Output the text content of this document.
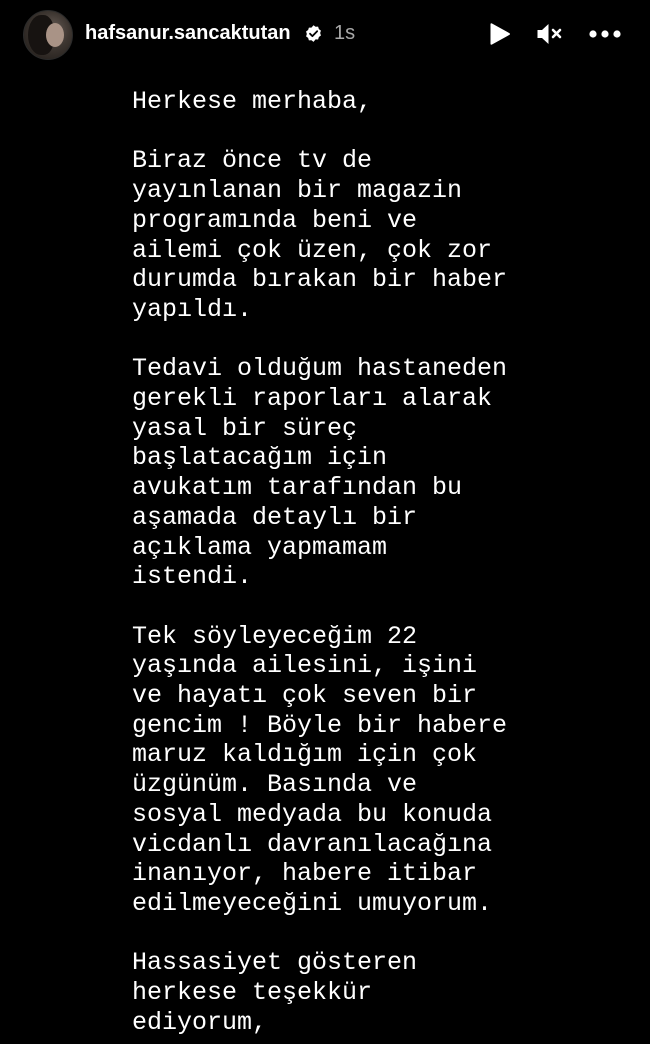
hafsanur.sancaktutan 1s
Herkese merhaba,

Biraz önce tv de
yayınlanan bir magazin
programında beni ve
ailemi çok üzen, çok zor
durumda bırakan bir haber
yapıldı.

Tedavi olduğum hastaneden
gerekli raporları alarak
yasal bir süreç
başlatacağım için
avukatım tarafından bu
aşamada detaylı bir
açıklama yapmamam
istendi.

Tek söyleyeceğim 22
yaşında ailesini, işini
ve hayatı çok seven bir
gencim ! Böyle bir habere
maruz kaldığım için çok
üzgünüm. Basında ve
sosyal medyada bu konuda
vicdanlı davranılacağına
inanıyor, habere itibar
edilmeyeceğini umuyorum.

Hassasiyet gösteren
herkese teşekkür
ediyorum,
